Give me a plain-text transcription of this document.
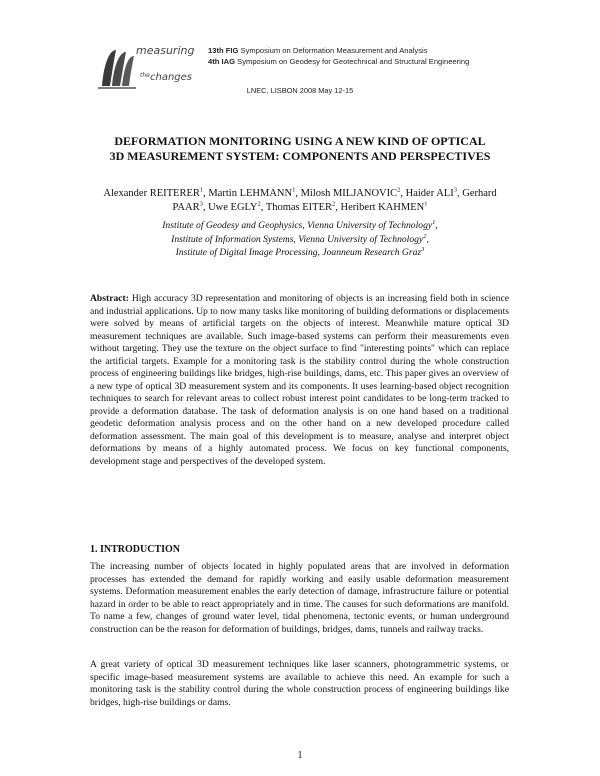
measuring
the changes
13th FIG Symposium on Deformation Measurement and Analysis
4th IAG Symposium on Geodesy for Geotechnical and Structural Engineering
LNEC, LISBON 2008 May 12-15
DEFORMATION MONITORING USING A NEW KIND OF OPTICAL
3D MEASUREMENT SYSTEM: COMPONENTS AND PERSPECTIVES
Alexander REITERER$^1$, Martin LEHMANN$^1$, Milosh MILJANOVIC$^2$, Haider ALI$^3$, Gerhard PAAR$^3$, Uwe EGLY$^2$, Thomas EITER$^2$, Heribert KAHMEN$^1$
Institute of Geodesy and Geophysics, Vienna University of Technology$^1$,
Institute of Information Systems, Vienna University of Technology$^2$,
Institute of Digital Image Processing, Joanneum Research Graz$^3$

Abstract: High accuracy 3D representation and monitoring of objects is an increasing field both in science and industrial applications. Up to now many tasks like monitoring of building deformations or displacements were solved by means of artificial targets on the objects of interest. Meanwhile mature optical 3D measurement techniques are available. Such image-based systems can perform their measurements even without targeting. They use the texture on the object surface to find "interesting points" which can replace the artificial targets. Example for a monitoring task is the stability control during the whole construction process of engineering buildings like bridges, high-rise buildings, dams, etc. This paper gives an overview of a new type of optical 3D measurement system and its components. It uses learning-based object recognition techniques to search for relevant areas to collect robust interest point candidates to be long-term tracked to provide a deformation database. The task of deformation analysis is on one hand based on a traditional geodetic deformation analysis process and on the other hand on a new developed procedure called deformation assessment. The main goal of this development is to measure, analyse and interpret object deformations by means of a highly automated process. We focus on key functional components, development stage and perspectives of the developed system.

1. INTRODUCTION

The increasing number of objects located in highly populated areas that are involved in deformation processes has extended the demand for rapidly working and easily usable deformation measurement systems. Deformation measurement enables the early detection of damage, infrastructure failure or potential hazard in order to be able to react appropriately and in time. The causes for such deformations are manifold. To name a few, changes of ground water level, tidal phenomena, tectonic events, or human underground construction can be the reason for deformation of buildings, bridges, dams, tunnels and railway tracks.

A great variety of optical 3D measurement techniques like laser scanners, photogrammetric systems, or specific image-based measurement systems are available to achieve this need. An example for such a monitoring task is the stability control during the whole construction process of engineering buildings like bridges, high-rise buildings or dams.

1
